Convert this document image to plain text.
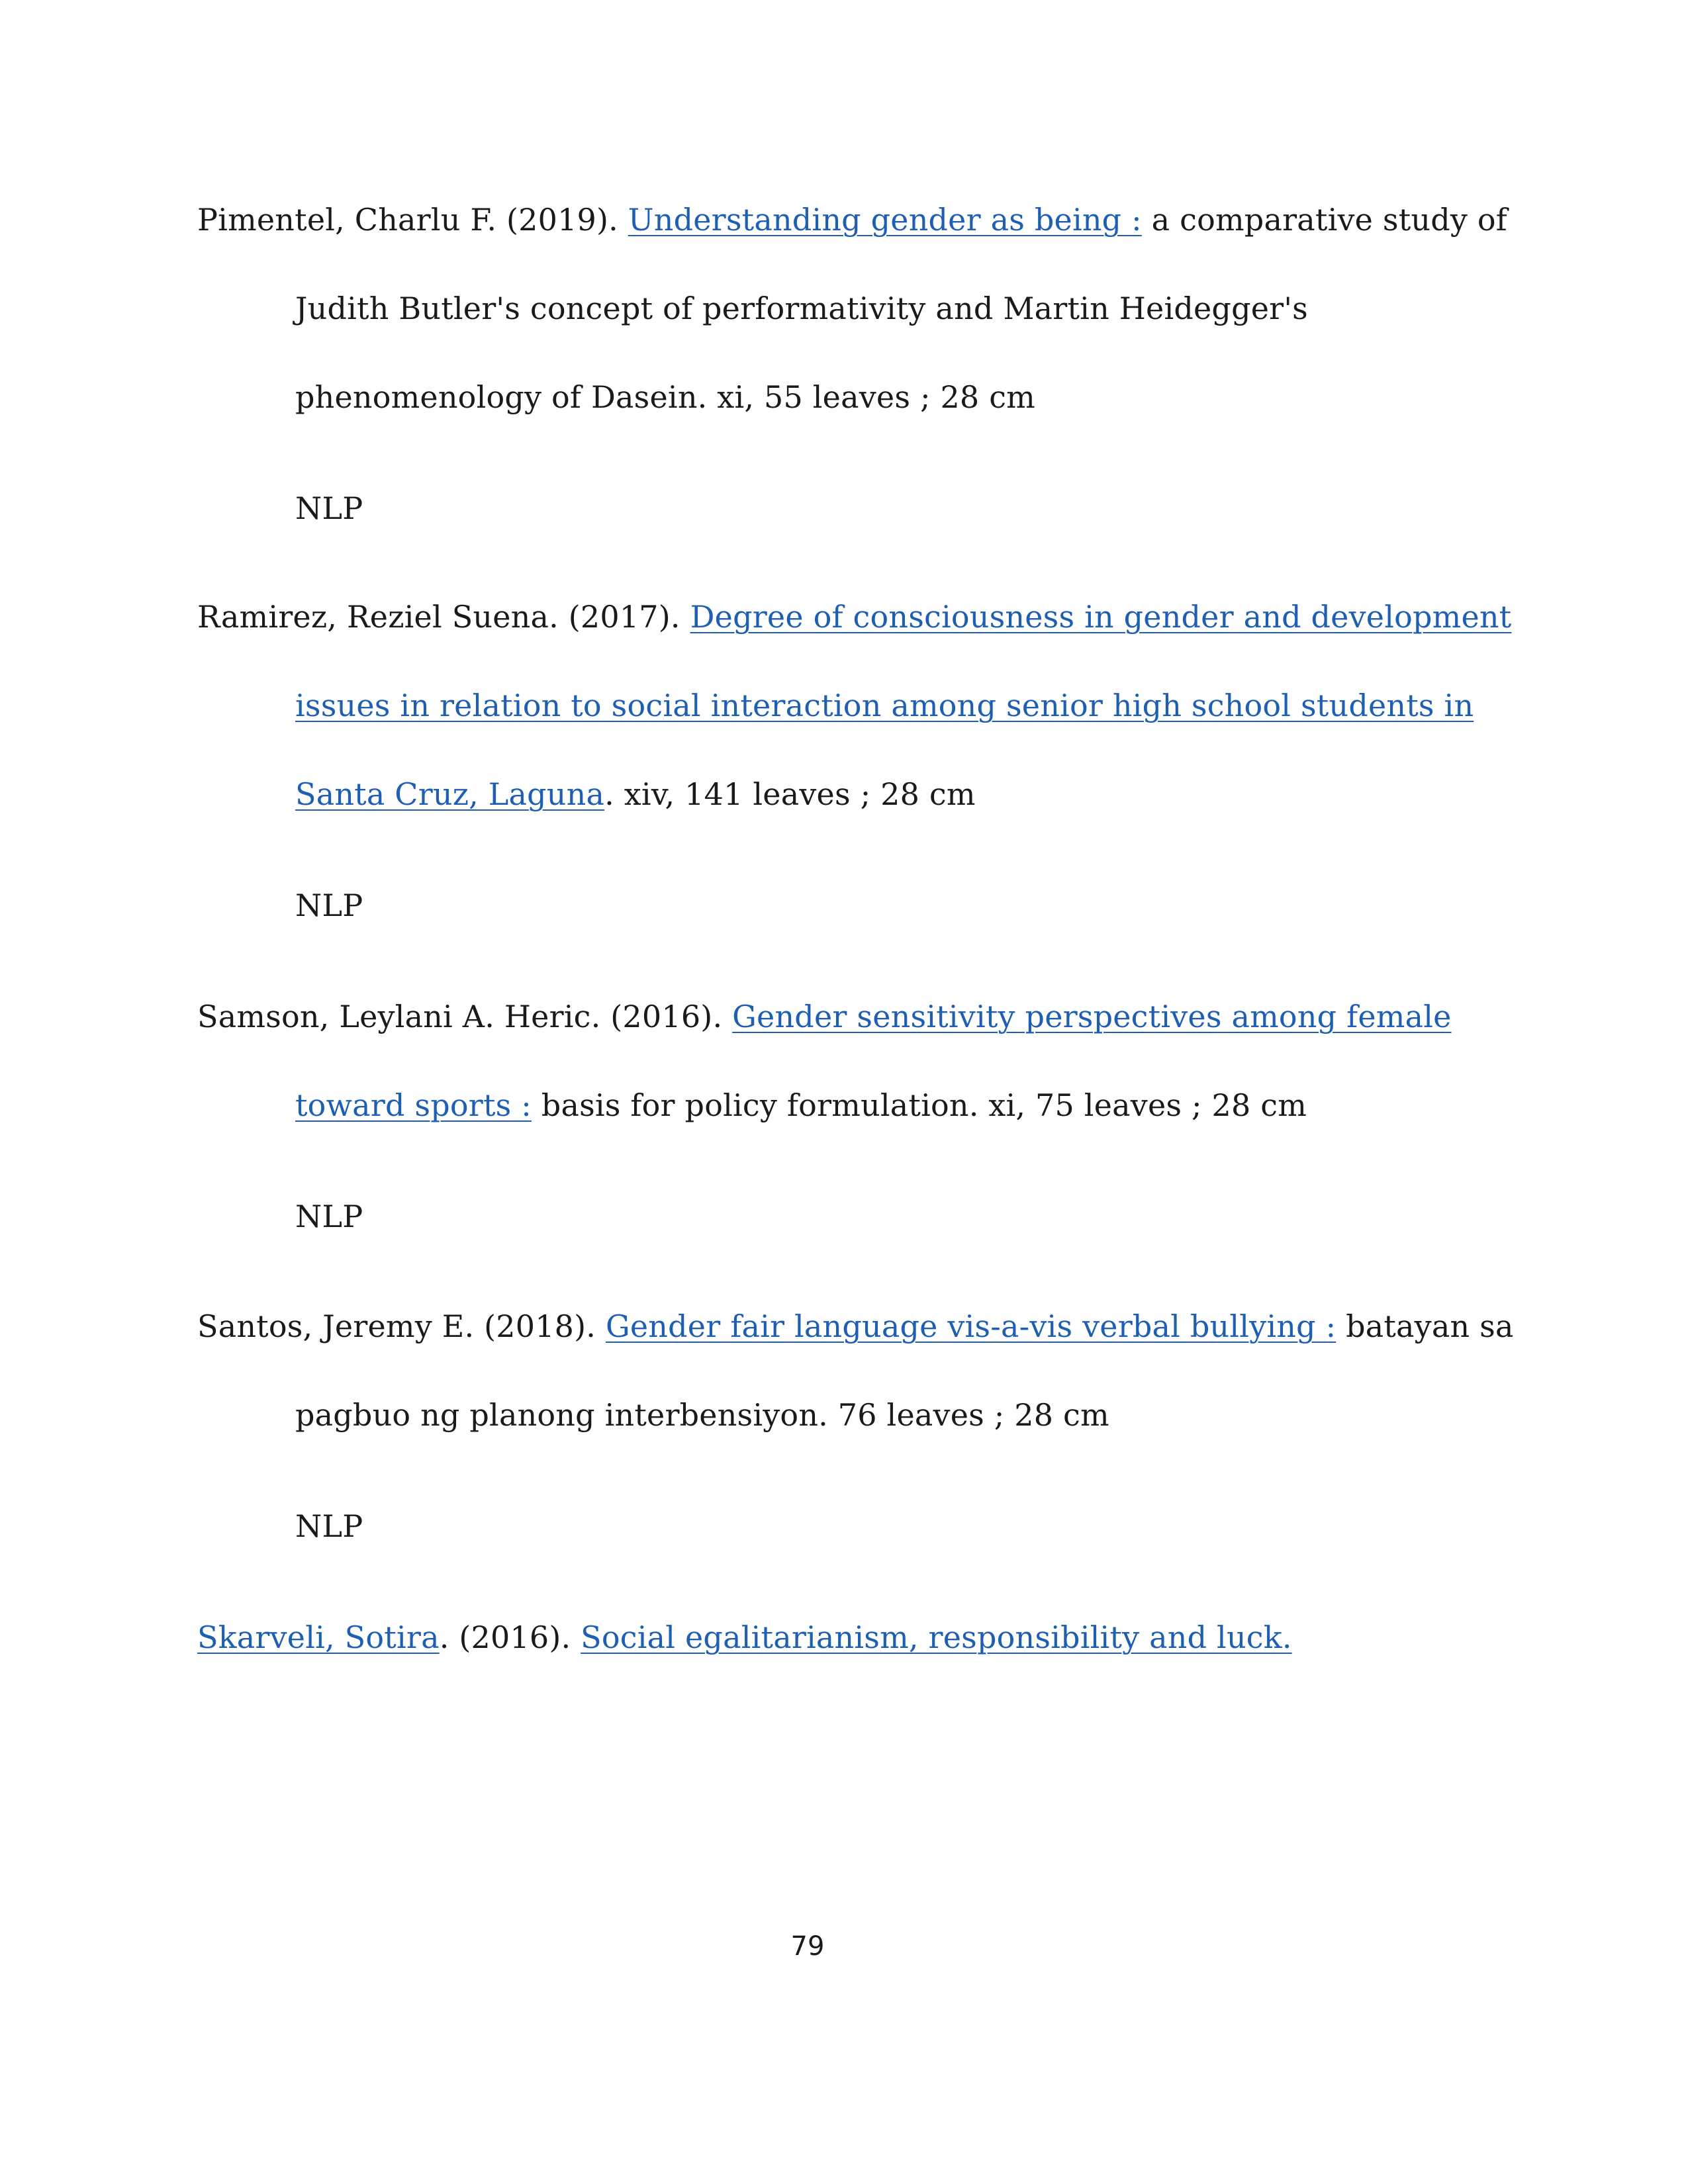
Pimentel, Charlu F. (2019). Understanding gender as being : a comparative study of
Judith Butler's concept of performativity and Martin Heidegger's
phenomenology of Dasein. xi, 55 leaves ; 28 cm
NLP
Ramirez, Reziel Suena. (2017). Degree of consciousness in gender and development
issues in relation to social interaction among senior high school students in
Santa Cruz, Laguna. xiv, 141 leaves ; 28 cm
NLP
Samson, Leylani A. Heric. (2016). Gender sensitivity perspectives among female
toward sports : basis for policy formulation. xi, 75 leaves ; 28 cm
NLP
Santos, Jeremy E. (2018). Gender fair language vis-a-vis verbal bullying : batayan sa
pagbuo ng planong interbensiyon. 76 leaves ; 28 cm
NLP
Skarveli, Sotira. (2016). Social egalitarianism, responsibility and luck.
79
